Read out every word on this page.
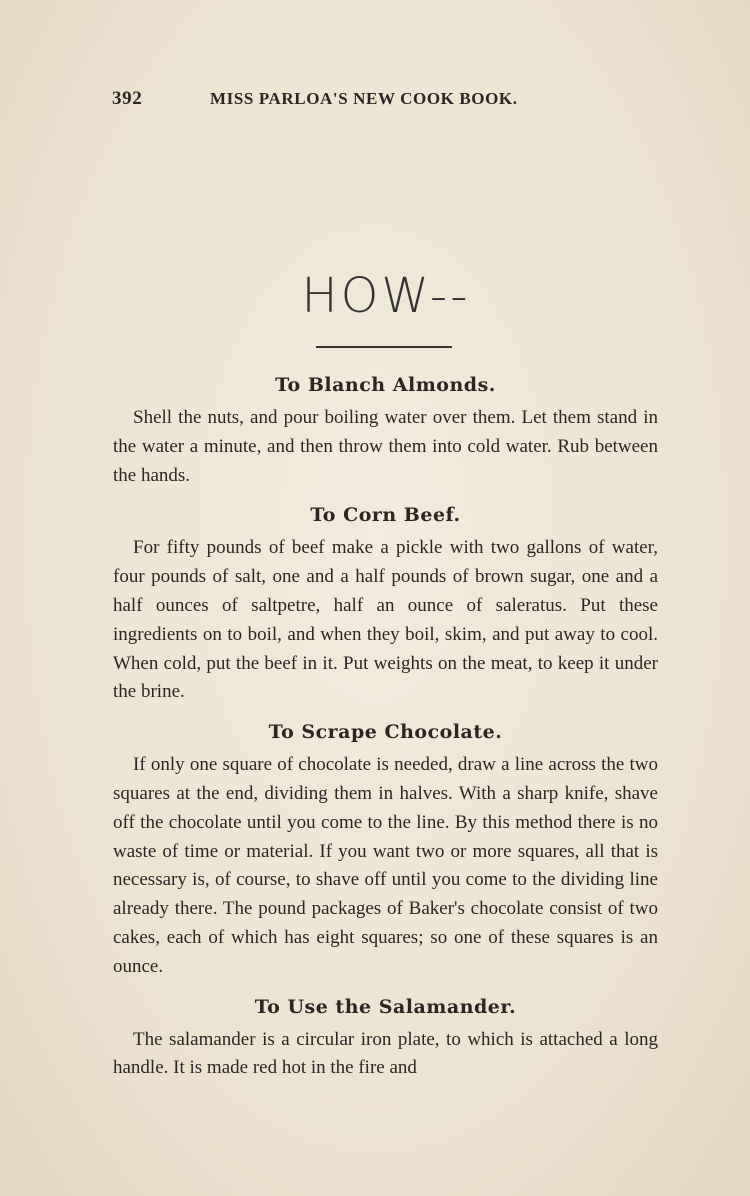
392	MISS PARLOA'S NEW COOK BOOK.
HOW--
To Blanch Almonds.

Shell the nuts, and pour boiling water over them. Let them stand in the water a minute, and then throw them into cold water. Rub between the hands.

To Corn Beef.

For fifty pounds of beef make a pickle with two gallons of water, four pounds of salt, one and a half pounds of brown sugar, one and a half ounces of saltpetre, half an ounce of saleratus. Put these ingredients on to boil, and when they boil, skim, and put away to cool. When cold, put the beef in it. Put weights on the meat, to keep it under the brine.

To Scrape Chocolate.

If only one square of chocolate is needed, draw a line across the two squares at the end, dividing them in halves. With a sharp knife, shave off the chocolate until you come to the line. By this method there is no waste of time or material. If you want two or more squares, all that is necessary is, of course, to shave off until you come to the dividing line already there. The pound packages of Baker's chocolate consist of two cakes, each of which has eight squares; so one of these squares is an ounce.

To Use the Salamander.

The salamander is a circular iron plate, to which is attached a long handle. It is made red hot in the fire and
